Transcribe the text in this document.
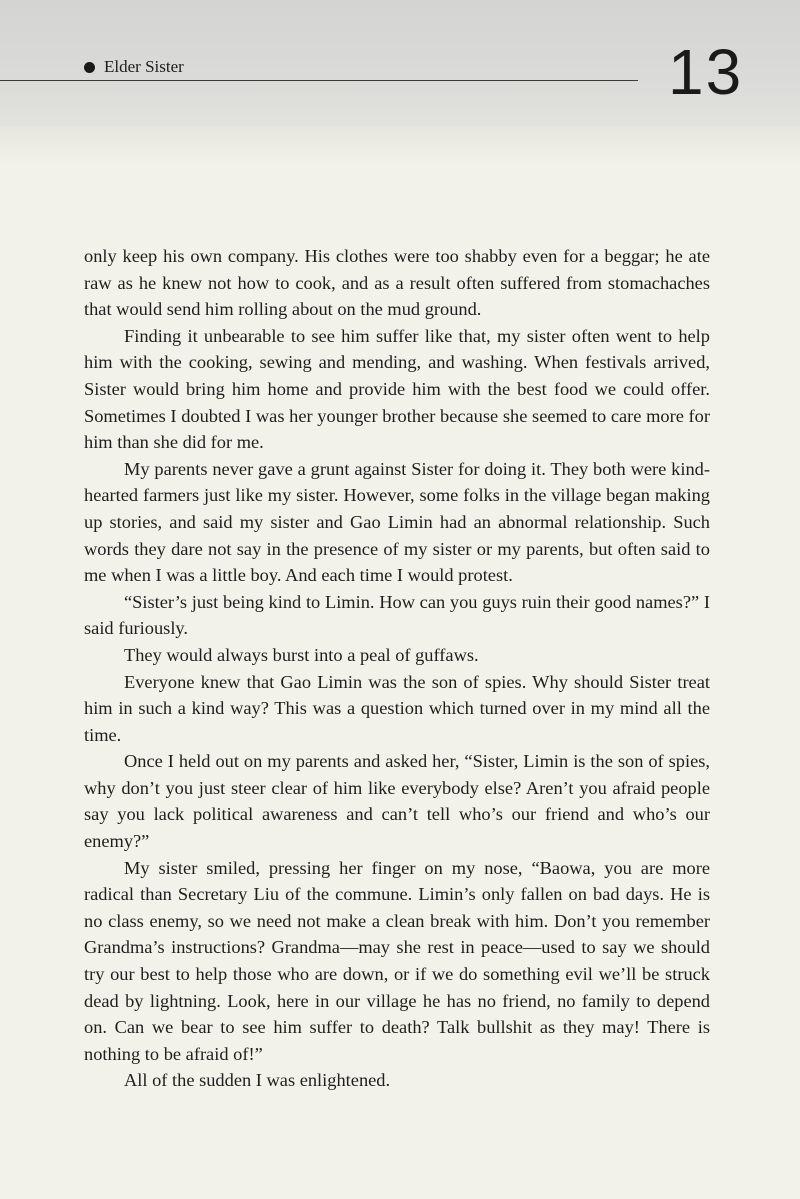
Elder Sister	13

only keep his own company. His clothes were too shabby even for a beggar; he ate raw as he knew not how to cook, and as a result often suffered from stomachaches that would send him rolling about on the mud ground.

Finding it unbearable to see him suffer like that, my sister often went to help him with the cooking, sewing and mending, and washing. When festivals arrived, Sister would bring him home and provide him with the best food we could offer. Sometimes I doubted I was her younger brother because she seemed to care more for him than she did for me.

My parents never gave a grunt against Sister for doing it. They both were kind-hearted farmers just like my sister. However, some folks in the village began making up stories, and said my sister and Gao Limin had an abnormal relationship. Such words they dare not say in the presence of my sister or my parents, but often said to me when I was a little boy. And each time I would protest.

“Sister’s just being kind to Limin. How can you guys ruin their good names?” I said furiously.

They would always burst into a peal of guffaws.

Everyone knew that Gao Limin was the son of spies. Why should Sister treat him in such a kind way? This was a question which turned over in my mind all the time.

Once I held out on my parents and asked her, “Sister, Limin is the son of spies, why don’t you just steer clear of him like everybody else? Aren’t you afraid people say you lack political awareness and can’t tell who’s our friend and who’s our enemy?”

My sister smiled, pressing her finger on my nose, “Baowa, you are more radical than Secretary Liu of the commune. Limin’s only fallen on bad days. He is no class enemy, so we need not make a clean break with him. Don’t you remember Grandma’s instructions? Grandma—may she rest in peace—used to say we should try our best to help those who are down, or if we do something evil we’ll be struck dead by lightning. Look, here in our village he has no friend, no family to depend on. Can we bear to see him suffer to death? Talk bullshit as they may! There is nothing to be afraid of!”

All of the sudden I was enlightened.
